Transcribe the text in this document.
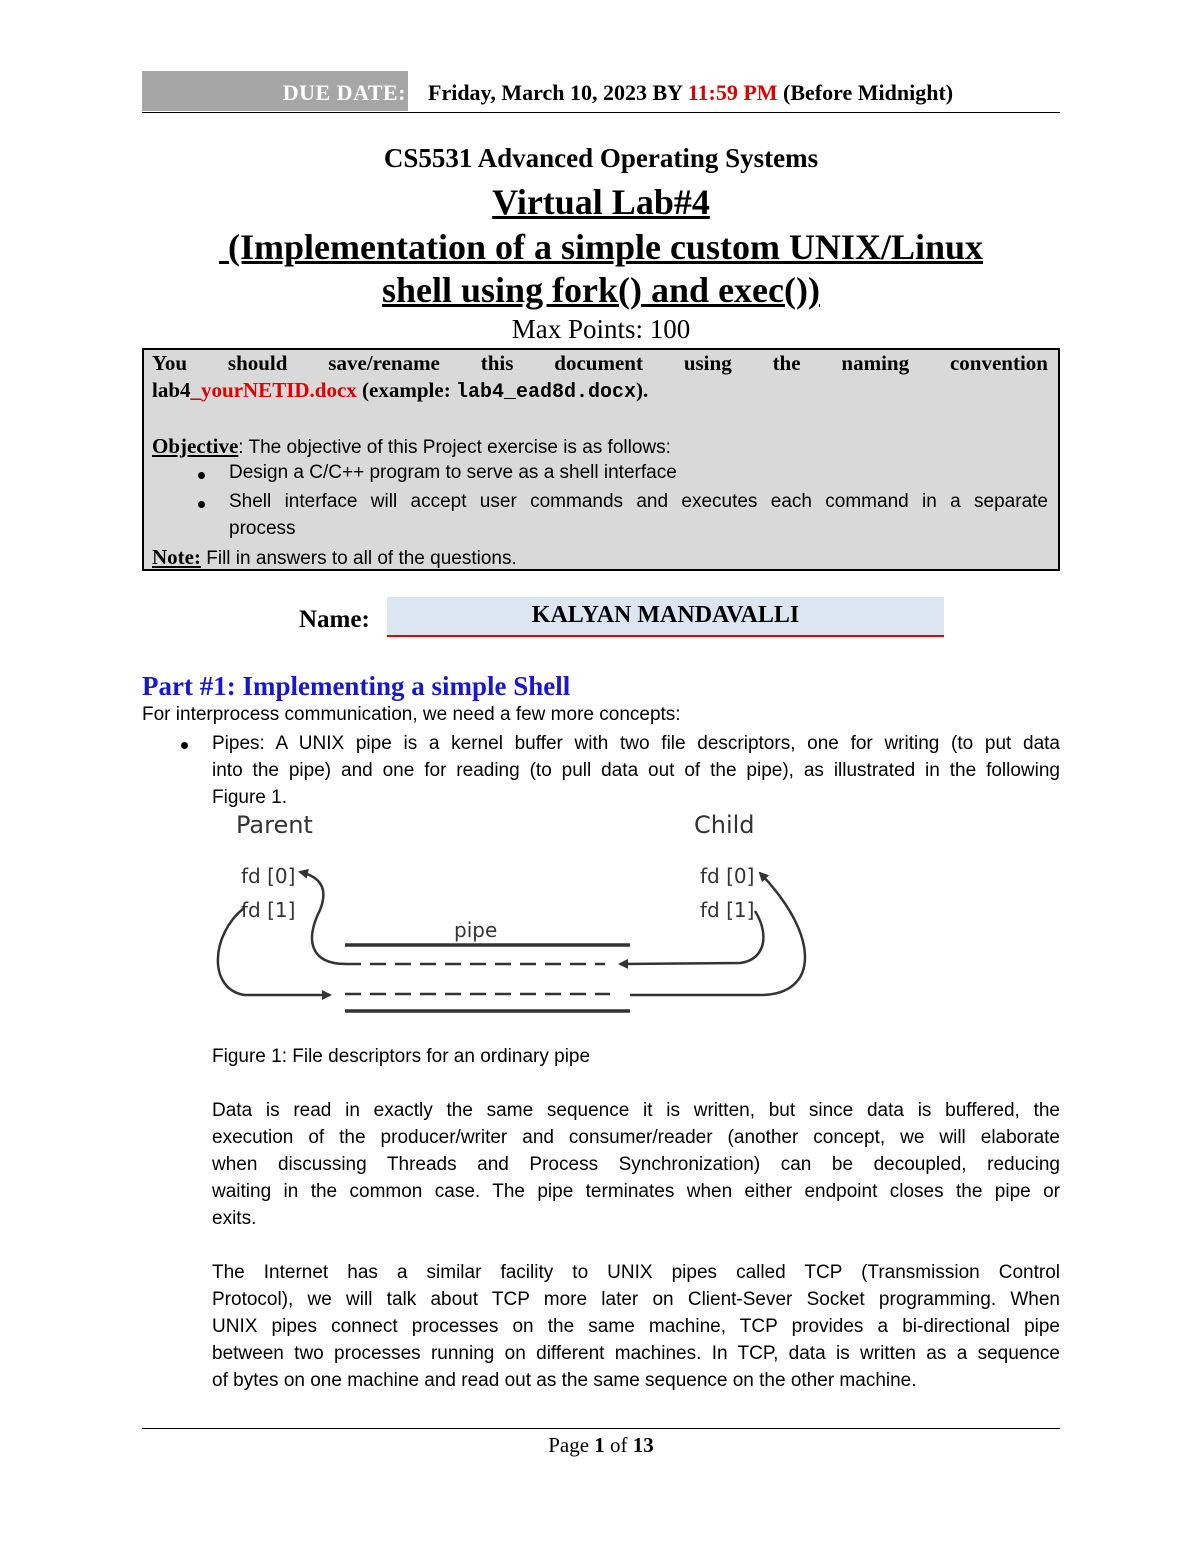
DUE DATE: Friday, March 10, 2023 BY 11:59 PM (Before Midnight)
CS5531 Advanced Operating Systems
Virtual Lab#4
(Implementation of a simple custom UNIX/Linux
shell using fork() and exec())
Max Points: 100
You should save/rename this document using the naming convention
lab4_yourNETID.docx (example: lab4_ead8d.docx).
Objective: The objective of this Project exercise is as follows:
Design a C/C++ program to serve as a shell interface
Shell interface will accept user commands and executes each command in a separate
process
Note: Fill in answers to all of the questions.
Name:	KALYAN MANDAVALLI
Part #1: Implementing a simple Shell
For interprocess communication, we need a few more concepts:
Pipes: A UNIX pipe is a kernel buffer with two file descriptors, one for writing (to put data
into the pipe) and one for reading (to pull data out of the pipe), as illustrated in the following
Figure 1.
Parent	Child
fd [0]
fd [1]
fd [0]
fd [1]
pipe
Figure 1: File descriptors for an ordinary pipe
Data is read in exactly the same sequence it is written, but since data is buffered, the
execution of the producer/writer and consumer/reader (another concept, we will elaborate
when discussing Threads and Process Synchronization) can be decoupled, reducing
waiting in the common case. The pipe terminates when either endpoint closes the pipe or
exits.
The Internet has a similar facility to UNIX pipes called TCP (Transmission Control
Protocol), we will talk about TCP more later on Client-Sever Socket programming. When
UNIX pipes connect processes on the same machine, TCP provides a bi-directional pipe
between two processes running on different machines. In TCP, data is written as a sequence
of bytes on one machine and read out as the same sequence on the other machine.
Page 1 of 13
